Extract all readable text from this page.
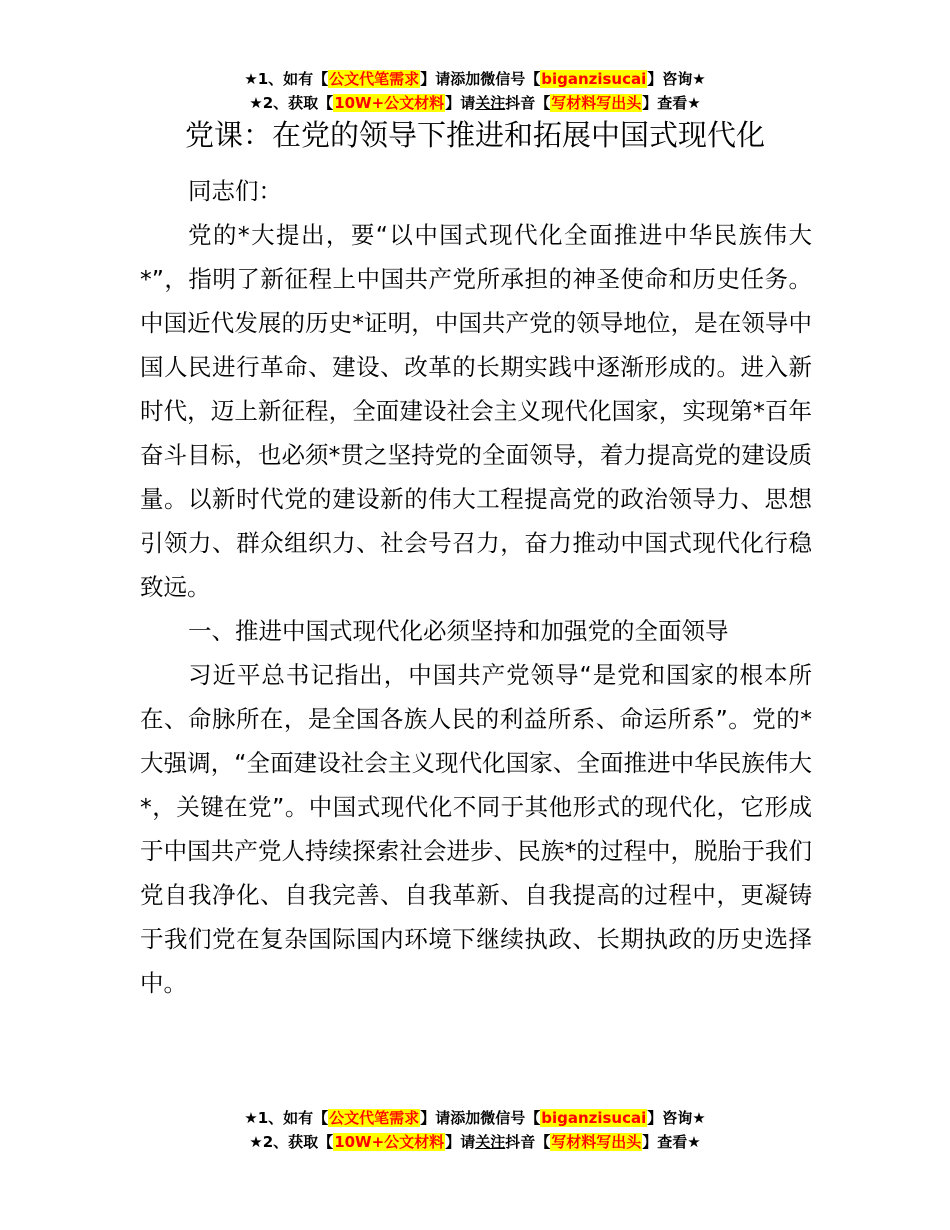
★1、如有【公文代笔需求】请添加微信号【biganzisucai】咨询★
★2、获取【10W+公文材料】请关注抖音【写材料写出头】查看★
党课：在党的领导下推进和拓展中国式现代化

同志们：

党的*大提出，要“以中国式现代化全面推进中华民族伟大*”，指明了新征程上中国共产党所承担的神圣使命和历史任务。中国近代发展的历史*证明，中国共产党的领导地位，是在领导中国人民进行革命、建设、改革的长期实践中逐渐形成的。进入新时代，迈上新征程，全面建设社会主义现代化国家，实现第*百年奋斗目标，也必须*贯之坚持党的全面领导，着力提高党的建设质量。以新时代党的建设新的伟大工程提高党的政治领导力、思想引领力、群众组织力、社会号召力，奋力推动中国式现代化行稳致远。

一、推进中国式现代化必须坚持和加强党的全面领导

习近平总书记指出，中国共产党领导“是党和国家的根本所在、命脉所在，是全国各族人民的利益所系、命运所系”。党的*大强调，“全面建设社会主义现代化国家、全面推进中华民族伟大*，关键在党”。中国式现代化不同于其他形式的现代化，它形成于中国共产党人持续探索社会进步、民族*的过程中，脱胎于我们党自我净化、自我完善、自我革新、自我提高的过程中，更凝铸于我们党在复杂国际国内环境下继续执政、长期执政的历史选择中。

★1、如有【公文代笔需求】请添加微信号【biganzisucai】咨询★
★2、获取【10W+公文材料】请关注抖音【写材料写出头】查看★
